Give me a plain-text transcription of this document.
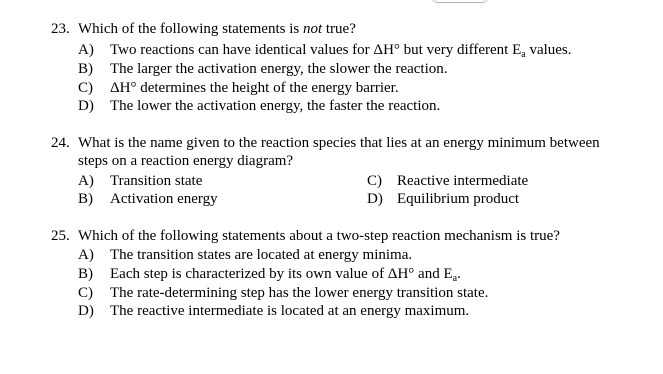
23. Which of the following statements is not true?
A) Two reactions can have identical values for ΔH° but very different $E_a$ values.
B) The larger the activation energy, the slower the reaction.
C) ΔH° determines the height of the energy barrier.
D) The lower the activation energy, the faster the reaction.
24. What is the name given to the reaction species that lies at an energy minimum between
steps on a reaction energy diagram?
A) Transition state	C) Reactive intermediate
B) Activation energy	D) Equilibrium product
25. Which of the following statements about a two-step reaction mechanism is true?
A) The transition states are located at energy minima.
B) Each step is characterized by its own value of ΔH° and $E_a$.
C) The rate-determining step has the lower energy transition state.
D) The reactive intermediate is located at an energy maximum.
